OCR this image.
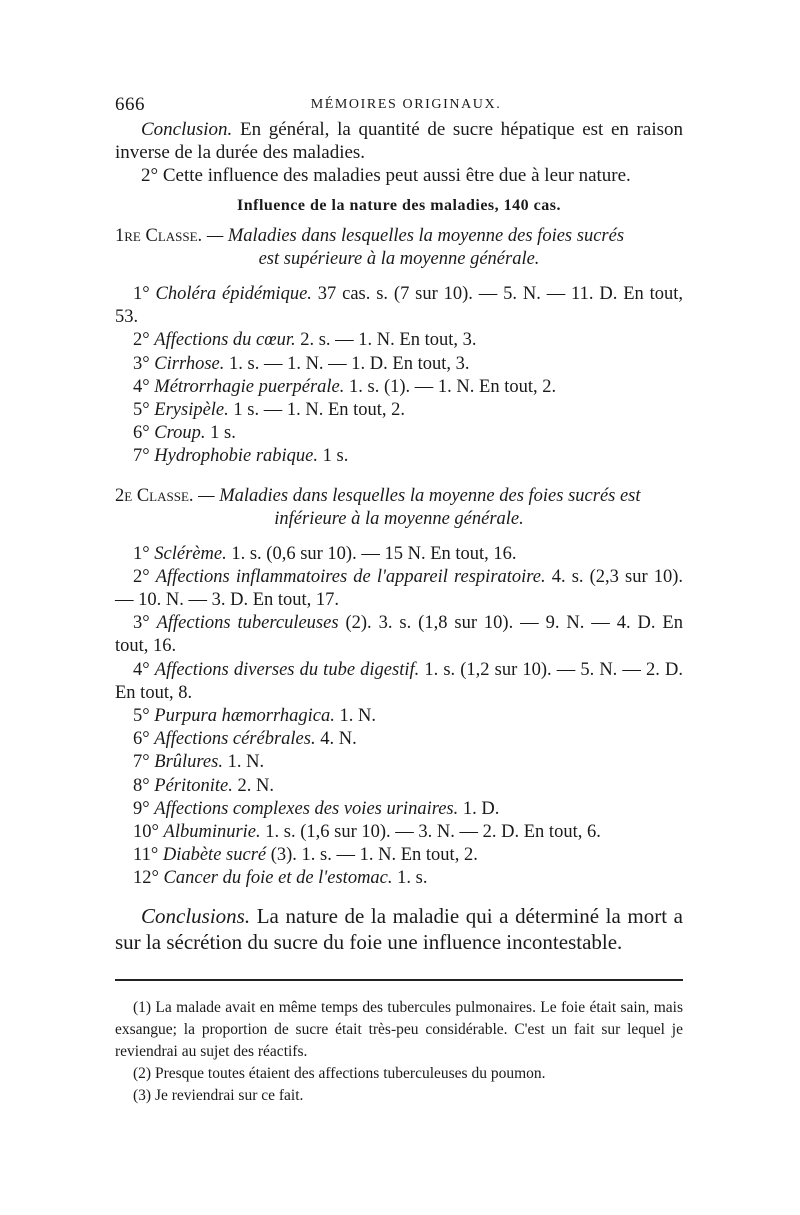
666	MÉMOIRES ORIGINAUX.

Conclusion. En général, la quantité de sucre hépatique est en raison inverse de la durée des maladies.

2° Cette influence des maladies peut aussi être due à leur nature.

Influence de la nature des maladies, 140 cas.

1re Classe. — Maladies dans lesquelles la moyenne des foies sucrés
est supérieure à la moyenne générale.

1° Choléra épidémique. 37 cas. s. (7 sur 10). — 5. N. — 11. D. En tout, 53.

2° Affections du cœur. 2. s. — 1. N. En tout, 3.

3° Cirrhose. 1. s. — 1. N. — 1. D. En tout, 3.

4° Métrorrhagie puerpérale. 1. s. (1). — 1. N. En tout, 2.

5° Erysipèle. 1 s. — 1. N. En tout, 2.

6° Croup. 1 s.

7° Hydrophobie rabique. 1 s.

2e Classe. — Maladies dans lesquelles la moyenne des foies sucrés est
inférieure à la moyenne générale.

1° Sclérème. 1. s. (0,6 sur 10). — 15 N. En tout, 16.

2° Affections inflammatoires de l'appareil respiratoire. 4. s. (2,3 sur 10). — 10. N. — 3. D. En tout, 17.

3° Affections tuberculeuses (2). 3. s. (1,8 sur 10). — 9. N. — 4. D. En tout, 16.

4° Affections diverses du tube digestif. 1. s. (1,2 sur 10). — 5. N. — 2. D. En tout, 8.

5° Purpura hæmorrhagica. 1. N.

6° Affections cérébrales. 4. N.

7° Brûlures. 1. N.

8° Péritonite. 2. N.

9° Affections complexes des voies urinaires. 1. D.

10° Albuminurie. 1. s. (1,6 sur 10). — 3. N. — 2. D. En tout, 6.

11° Diabète sucré (3). 1. s. — 1. N. En tout, 2.

12° Cancer du foie et de l'estomac. 1. s.

Conclusions. La nature de la maladie qui a déterminé la mort a sur la sécrétion du sucre du foie une influence incontestable.

(1) La malade avait en même temps des tubercules pulmonaires. Le foie était sain, mais exsangue; la proportion de sucre était très-peu considérable. C'est un fait sur lequel je reviendrai au sujet des réactifs.

(2) Presque toutes étaient des affections tuberculeuses du poumon.

(3) Je reviendrai sur ce fait.
